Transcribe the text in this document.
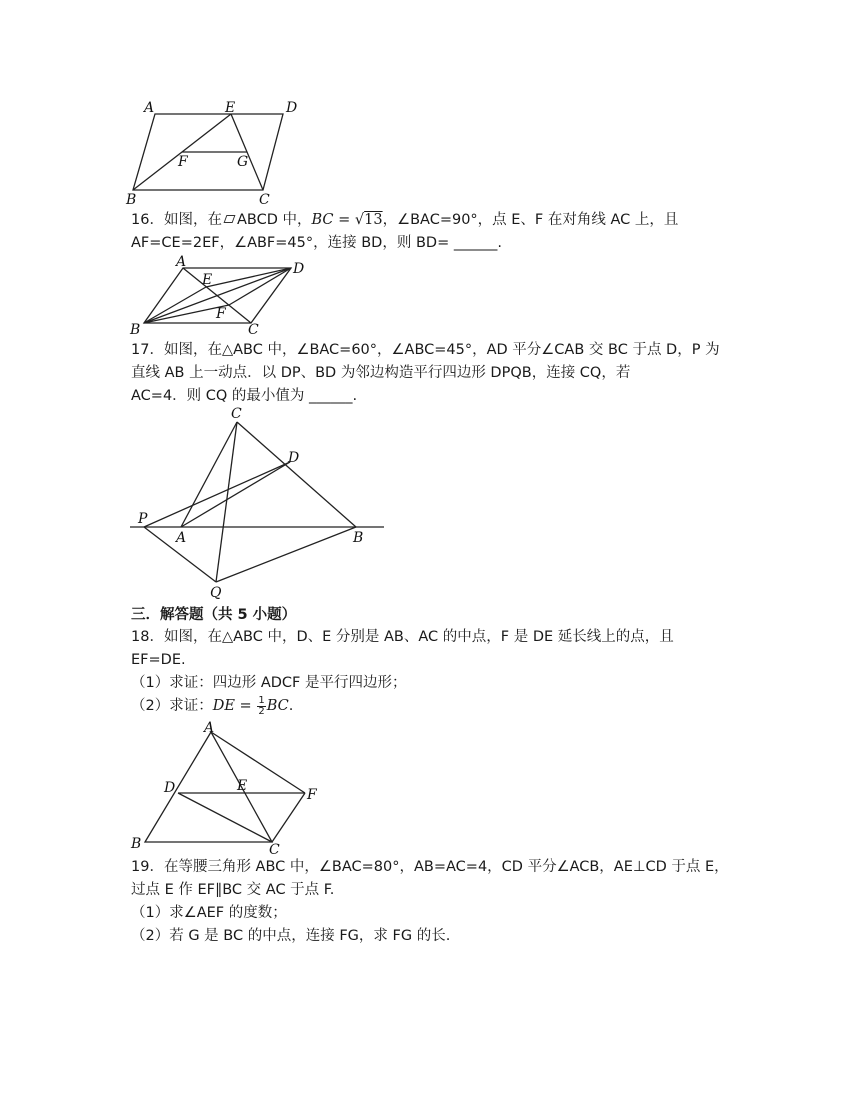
A	E	D
F	G
B	C
16．如图，在 ABCD 中，BC = √13，∠BAC=90°，点 E、F 在对角线 AC 上，且
AF=CE=2EF，∠ABF=45°，连接 BD，则 BD= ______.
A
E
D
F
B	C
17．如图，在△ABC 中，∠BAC=60°，∠ABC=45°，AD 平分∠CAB 交 BC 于点 D，P 为
直线 AB 上一动点．以 DP、BD 为邻边构造平行四边形 DPQB，连接 CQ，若
AC=4．则 CQ 的最小值为 ______.
C
D
P
A	B
Q
三．解答题（共 5 小题）
18．如图，在△ABC 中，D、E 分别是 AB、AC 的中点，F 是 DE 延长线上的点，且
EF=DE.
（1）求证：四边形 ADCF 是平行四边形；
（2）求证：DE = $\frac{1}{2}$ BC.
A
D	E
F
B	C
19．在等腰三角形 ABC 中，∠BAC=80°，AB=AC=4，CD 平分∠ACB，AE⊥CD 于点 E，
过点 E 作 EF∥BC 交 AC 于点 F.
（1）求∠AEF 的度数；
（2）若 G 是 BC 的中点，连接 FG，求 FG 的长.
